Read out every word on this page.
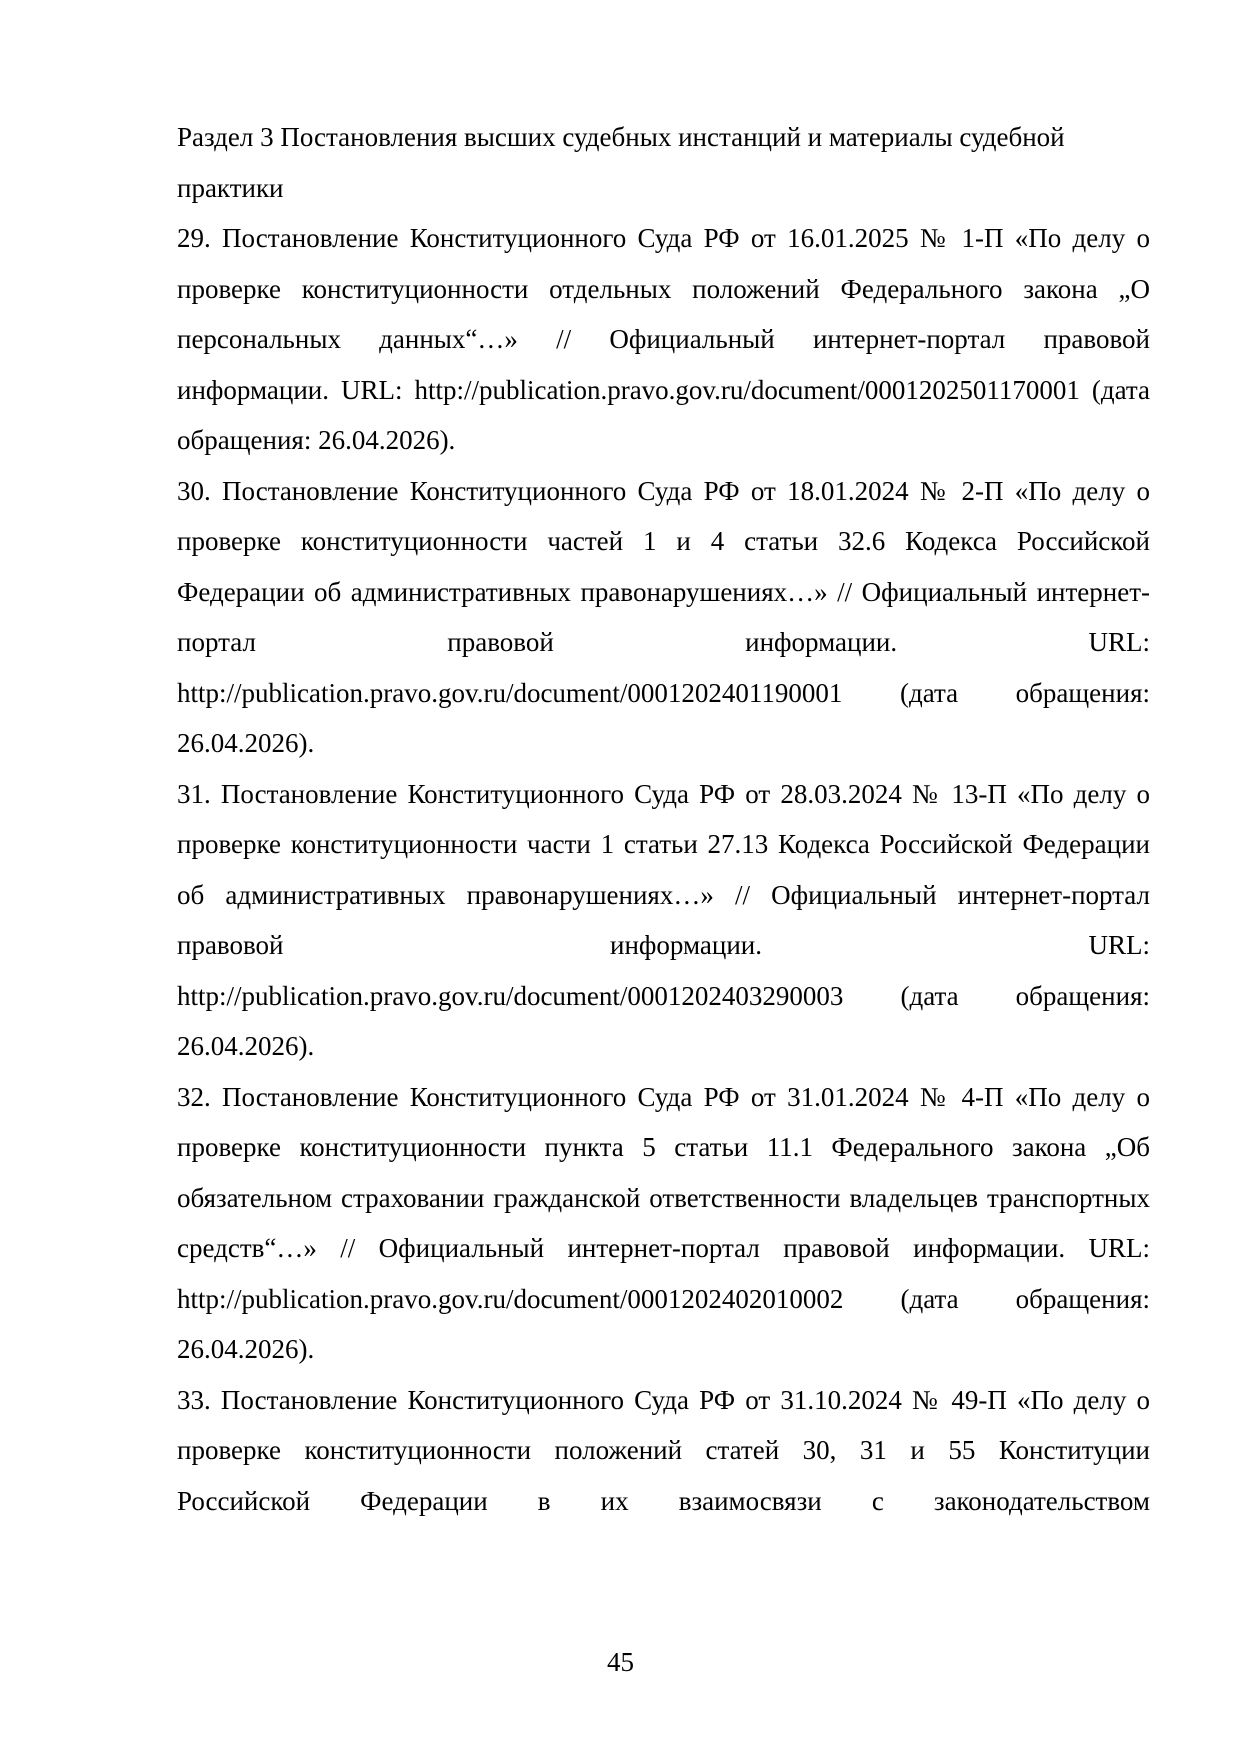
Раздел 3 Постановления высших судебных инстанций и материалы судебной практики

29. Постановление Конституционного Суда РФ от 16.01.2025 № 1-П «По делу о проверке конституционности отдельных положений Федерального закона „О персональных данных“…» // Официальный интернет-портал правовой информации. URL: http://publication.pravo.gov.ru/document/0001202501170001 (дата обращения: 26.04.2026).

30. Постановление Конституционного Суда РФ от 18.01.2024 № 2-П «По делу о проверке конституционности частей 1 и 4 статьи 32.6 Кодекса Российской Федерации об административных правонарушениях…» // Официальный интернет-портал правовой информации. URL: http://publication.pravo.gov.ru/document/0001202401190001 (дата обращения: 26.04.2026).

31. Постановление Конституционного Суда РФ от 28.03.2024 № 13-П «По делу о проверке конституционности части 1 статьи 27.13 Кодекса Российской Федерации об административных правонарушениях…» // Официальный интернет-портал правовой информации. URL: http://publication.pravo.gov.ru/document/0001202403290003 (дата обращения: 26.04.2026).

32. Постановление Конституционного Суда РФ от 31.01.2024 № 4-П «По делу о проверке конституционности пункта 5 статьи 11.1 Федерального закона „Об обязательном страховании гражданской ответственности владельцев транспортных средств“…» // Официальный интернет-портал правовой информации. URL: http://publication.pravo.gov.ru/document/0001202402010002 (дата обращения: 26.04.2026).

33. Постановление Конституционного Суда РФ от 31.10.2024 № 49-П «По делу о проверке конституционности положений статей 30, 31 и 55 Конституции Российской Федерации в их взаимосвязи с законодательством

45
